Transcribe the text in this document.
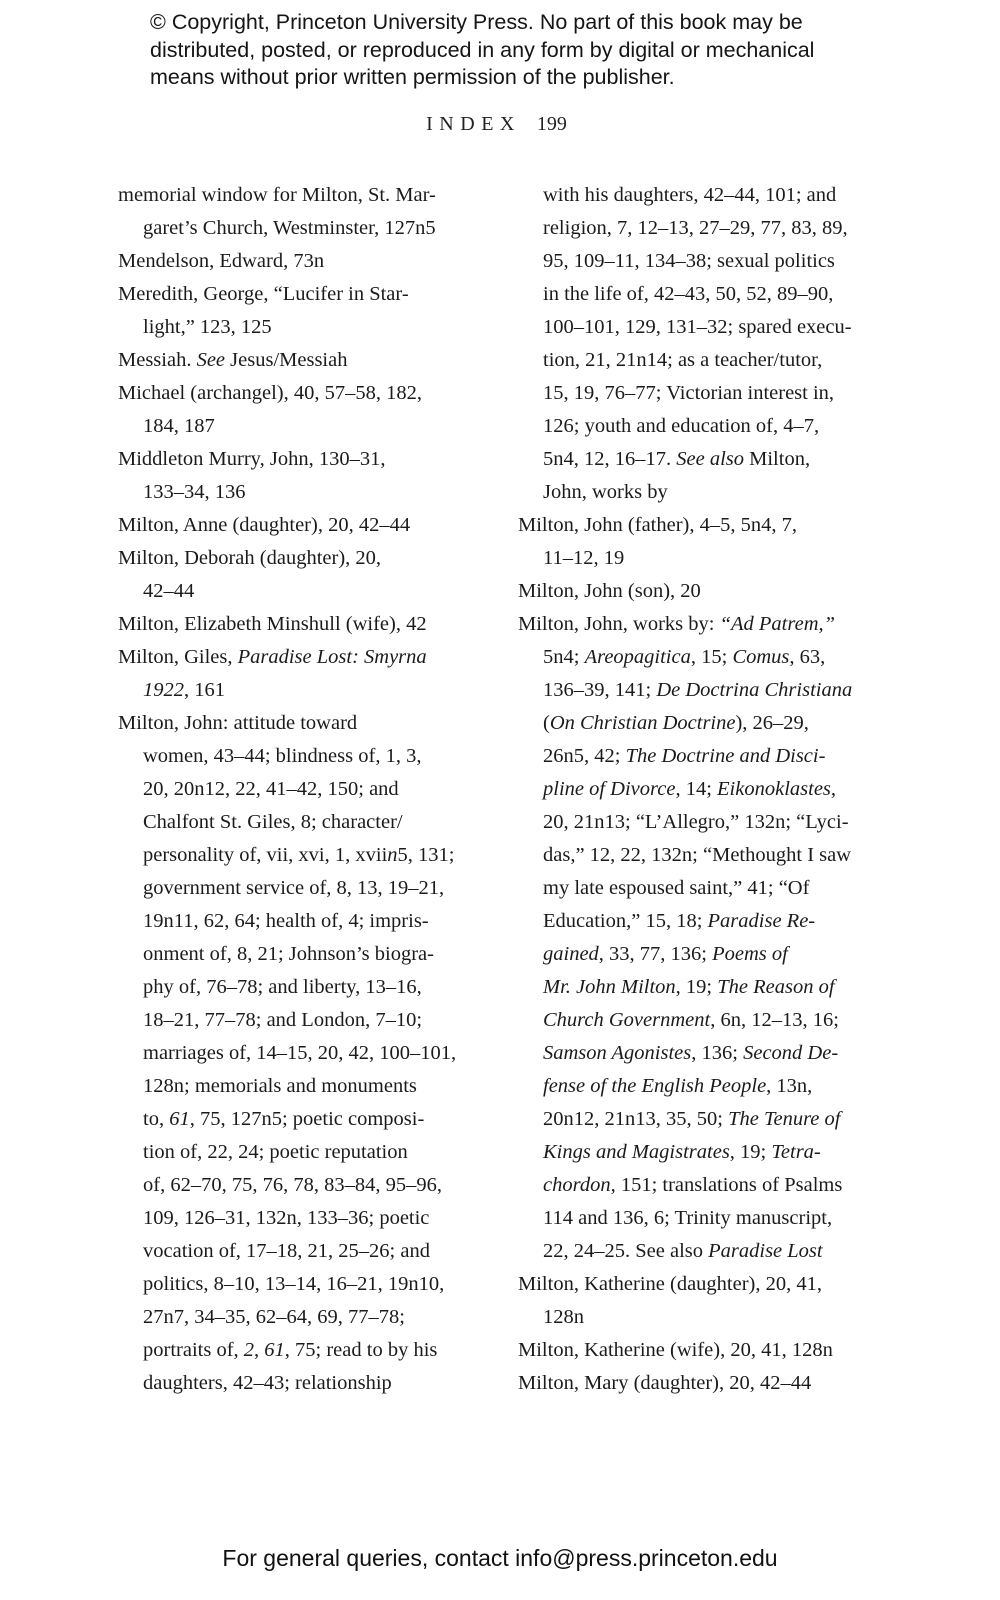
© Copyright, Princeton University Press. No part of this book may be
distributed, posted, or reproduced in any form by digital or mechanical
means without prior written permission of the publisher.
INDEX 199
memorial window for Milton, St. Mar-
garet’s Church, Westminster, 127n5
Mendelson, Edward, 73n
Meredith, George, “Lucifer in Star-
light,” 123, 125
Messiah. See Jesus/Messiah
Michael (archangel), 40, 57–58, 182,
184, 187
Middleton Murry, John, 130–31,
133–34, 136
Milton, Anne (daughter), 20, 42–44
Milton, Deborah (daughter), 20,
42–44
Milton, Elizabeth Minshull (wife), 42
Milton, Giles, Paradise Lost: Smyrna
1922, 161
Milton, John: attitude toward
women, 43–44; blindness of, 1, 3,
20, 20n12, 22, 41–42, 150; and
Chalfont St. Giles, 8; character/
personality of, vii, xvi, 1, xviin5, 131;
government service of, 8, 13, 19–21,
19n11, 62, 64; health of, 4; impris-
onment of, 8, 21; Johnson’s biogra-
phy of, 76–78; and liberty, 13–16,
18–21, 77–78; and London, 7–10;
marriages of, 14–15, 20, 42, 100–101,
128n; memorials and monuments
to, 61, 75, 127n5; poetic composi-
tion of, 22, 24; poetic reputation
of, 62–70, 75, 76, 78, 83–84, 95–96,
109, 126–31, 132n, 133–36; poetic
vocation of, 17–18, 21, 25–26; and
politics, 8–10, 13–14, 16–21, 19n10,
27n7, 34–35, 62–64, 69, 77–78;
portraits of, 2, 61, 75; read to by his
daughters, 42–43; relationship
with his daughters, 42–44, 101; and
religion, 7, 12–13, 27–29, 77, 83, 89,
95, 109–11, 134–38; sexual politics
in the life of, 42–43, 50, 52, 89–90,
100–101, 129, 131–32; spared execu-
tion, 21, 21n14; as a teacher/tutor,
15, 19, 76–77; Victorian interest in,
126; youth and education of, 4–7,
5n4, 12, 16–17. See also Milton,
John, works by
Milton, John (father), 4–5, 5n4, 7,
11–12, 19
Milton, John (son), 20
Milton, John, works by: “Ad Patrem,”
5n4; Areopagitica, 15; Comus, 63,
136–39, 141; De Doctrina Christiana
(On Christian Doctrine), 26–29,
26n5, 42; The Doctrine and Disci-
pline of Divorce, 14; Eikonoklastes,
20, 21n13; “L’Allegro,” 132n; “Lyci-
das,” 12, 22, 132n; “Methought I saw
my late espoused saint,” 41; “Of
Education,” 15, 18; Paradise Re-
gained, 33, 77, 136; Poems of
Mr. John Milton, 19; The Reason of
Church Government, 6n, 12–13, 16;
Samson Agonistes, 136; Second De-
fense of the English People, 13n,
20n12, 21n13, 35, 50; The Tenure of
Kings and Magistrates, 19; Tetra-
chordon, 151; translations of Psalms
114 and 136, 6; Trinity manuscript,
22, 24–25. See also Paradise Lost
Milton, Katherine (daughter), 20, 41,
128n
Milton, Katherine (wife), 20, 41, 128n
Milton, Mary (daughter), 20, 42–44
For general queries, contact info@press.princeton.edu
